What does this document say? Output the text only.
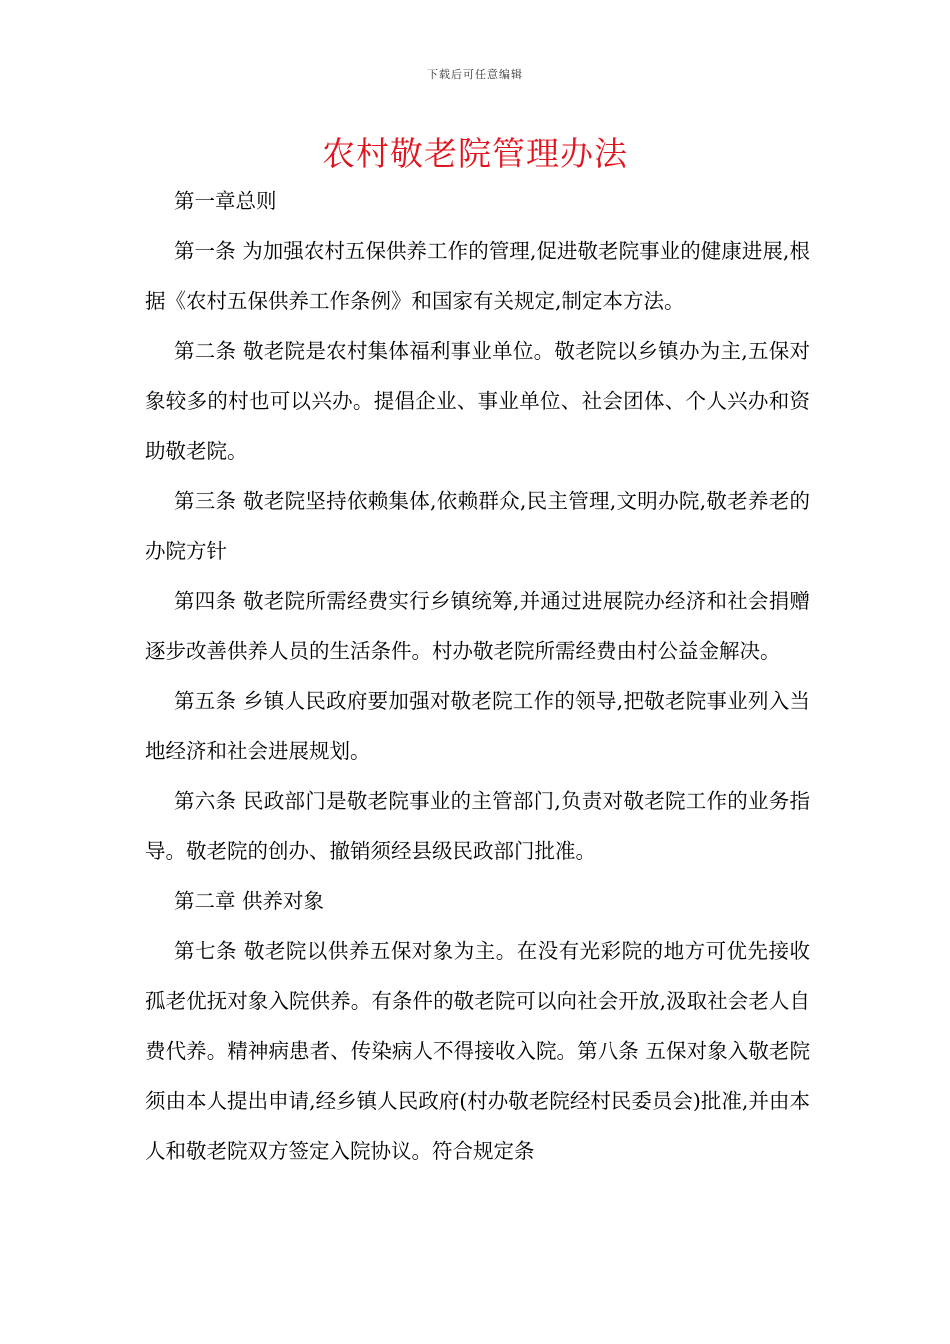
下载后可任意编辑
农村敬老院管理办法

第一章总则

第一条 为加强农村五保供养工作的管理,促进敬老院事业的健康进展,根据《农村五保供养工作条例》和国家有关规定,制定本方法。

第二条 敬老院是农村集体福利事业单位。敬老院以乡镇办为主,五保对象较多的村也可以兴办。提倡企业、事业单位、社会团体、个人兴办和资助敬老院。

第三条 敬老院坚持依赖集体,依赖群众,民主管理,文明办院,敬老养老的办院方针

第四条 敬老院所需经费实行乡镇统筹,并通过进展院办经济和社会捐赠逐步改善供养人员的生活条件。村办敬老院所需经费由村公益金解决。

第五条 乡镇人民政府要加强对敬老院工作的领导,把敬老院事业列入当地经济和社会进展规划。

第六条 民政部门是敬老院事业的主管部门,负责对敬老院工作的业务指导。敬老院的创办、撤销须经县级民政部门批准。

第二章 供养对象

第七条 敬老院以供养五保对象为主。在没有光彩院的地方可优先接收孤老优抚对象入院供养。有条件的敬老院可以向社会开放,汲取社会老人自费代养。精神病患者、传染病人不得接收入院。第八条 五保对象入敬老院须由本人提出申请,经乡镇人民政府(村办敬老院经村民委员会)批准,并由本人和敬老院双方签定入院协议。符合规定条
